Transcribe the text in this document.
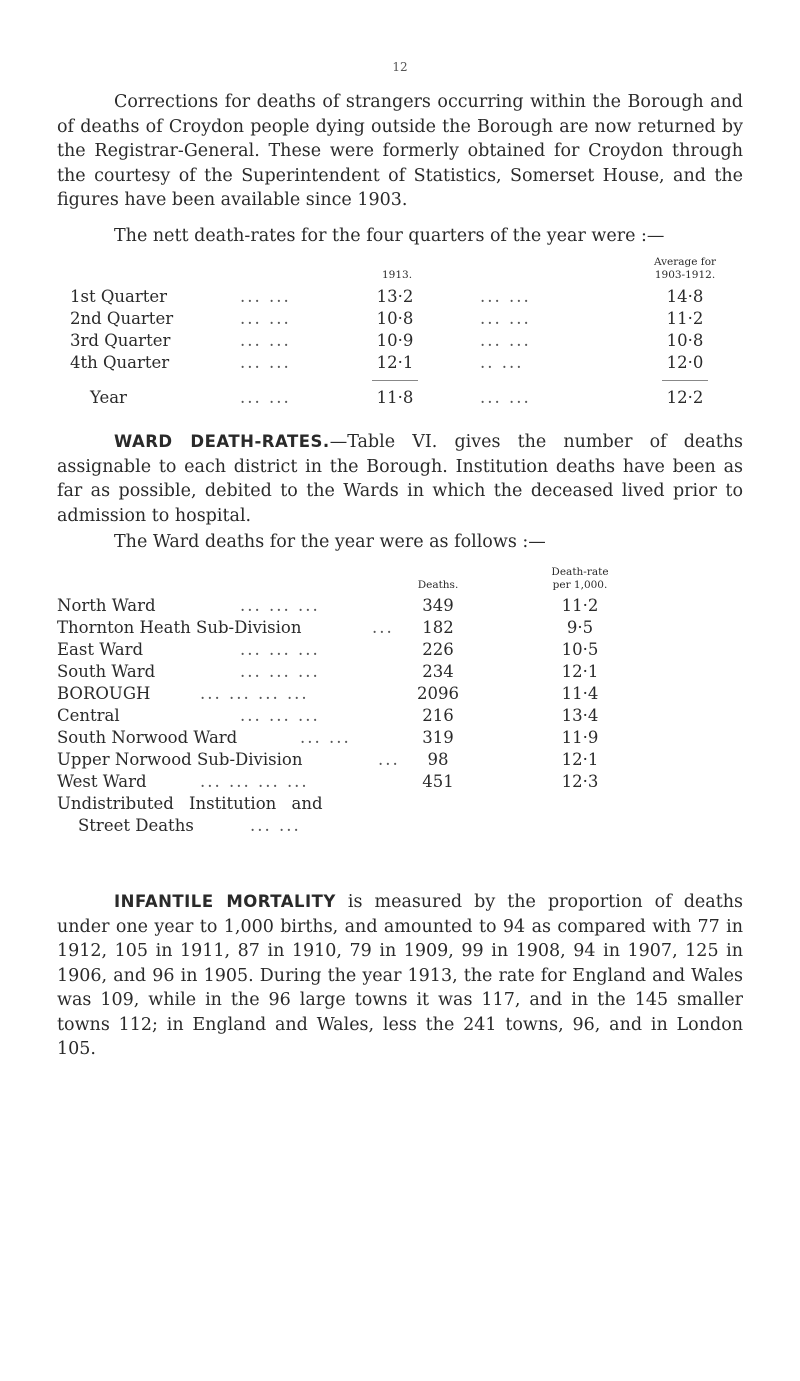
12

Corrections for deaths of strangers occurring within the Borough and of deaths of Croydon people dying outside the Borough are now returned by the Registrar-General. These were formerly obtained for Croydon through the courtesy of the Superintendent of Statistics, Somerset House, and the figures have been available since 1903.

The nett death-rates for the four quarters of the year were :—

1913.
Average for
1903-1912.
1st Quarter	... ...	13·2	... ...	14·8
2nd Quarter	... ...	10·8	... ...	11·2
3rd Quarter	... ...	10·9	... ...	10·8
4th Quarter	... ...	12·1	.. ...	12·0
Year	... ...	11·8	... ...	12·2

WARD DEATH-RATES.—Table VI. gives the number of deaths assignable to each district in the Borough. Institution deaths have been as far as possible, debited to the Wards in which the deceased lived prior to admission to hospital.

The Ward deaths for the year were as follows :—

Deaths.
Death-rate
per 1,000.
North Ward	... ... ...	349	11·2
Thornton Heath Sub-Division	...	182	9·5
East Ward	... ... ...	226	10·5
South Ward	... ... ...	234	12·1
BOROUGH	... ... ... ...	2096	11·4
Central	... ... ...	216	13·4
South Norwood Ward	... ...	319	11·9
Upper Norwood Sub-Division	...	98	12·1
West Ward	... ... ... ...	451	12·3
Undistributed Institution and
Street Deaths	... ...

INFANTILE MORTALITY is measured by the proportion of deaths under one year to 1,000 births, and amounted to 94 as compared with 77 in 1912, 105 in 1911, 87 in 1910, 79 in 1909, 99 in 1908, 94 in 1907, 125 in 1906, and 96 in 1905. During the year 1913, the rate for England and Wales was 109, while in the 96 large towns it was 117, and in the 145 smaller towns 112; in England and Wales, less the 241 towns, 96, and in London 105.
